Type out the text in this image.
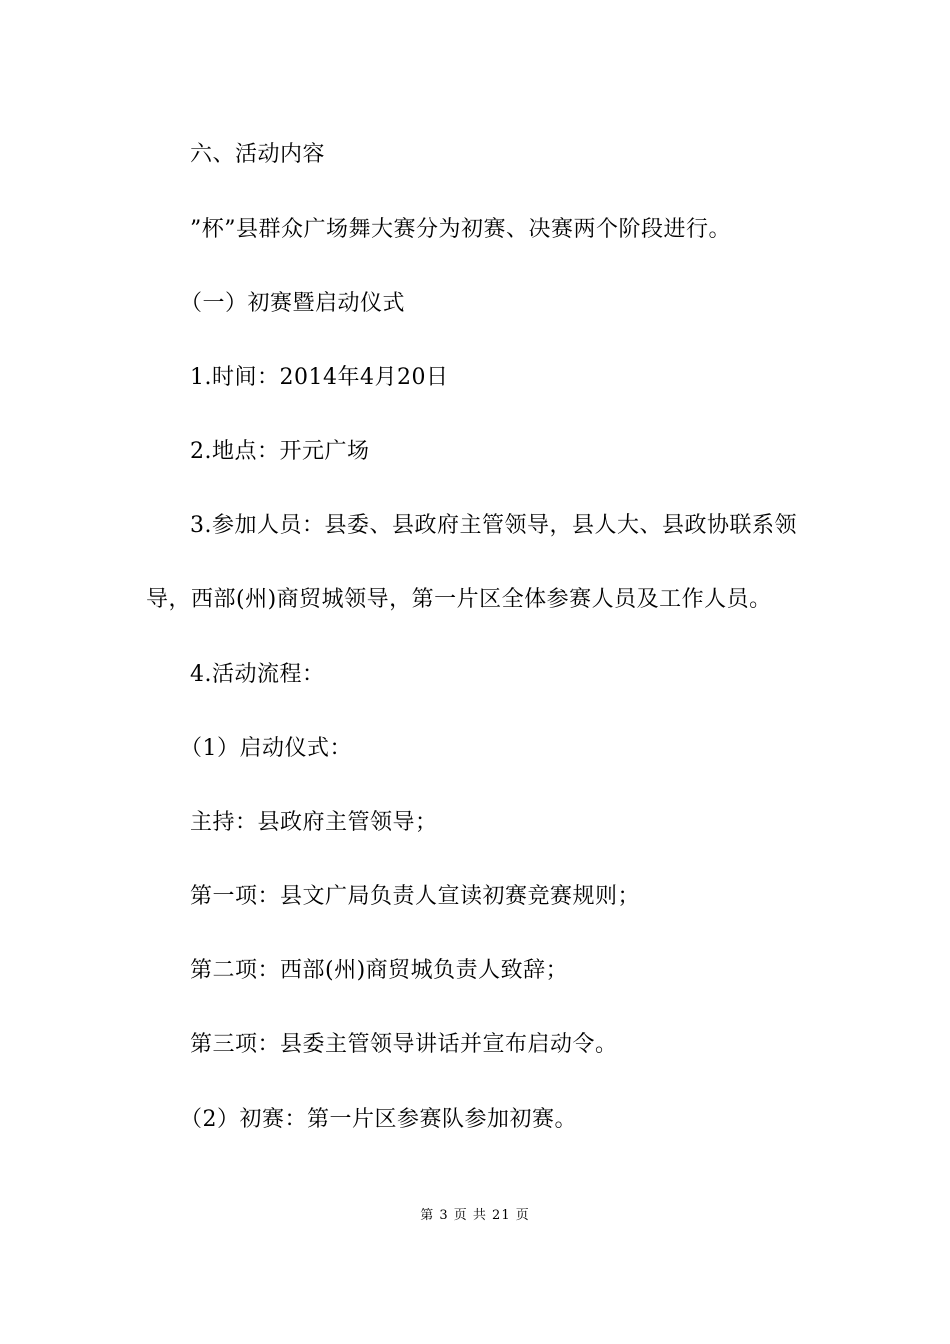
六、活动内容
”杯”县群众广场舞大赛分为初赛、决赛两个阶段进行。
（一）初赛暨启动仪式
1.时间：2014年4月20日
2.地点：开元广场
3.参加人员：县委、县政府主管领导，县人大、县政协联系领
导，西部(州)商贸城领导，第一片区全体参赛人员及工作人员。
4.活动流程：
（1）启动仪式：
主持：县政府主管领导；
第一项：县文广局负责人宣读初赛竞赛规则；
第二项：西部(州)商贸城负责人致辞；
第三项：县委主管领导讲话并宣布启动令。
（2）初赛：第一片区参赛队参加初赛。
第 3 页 共 21 页
